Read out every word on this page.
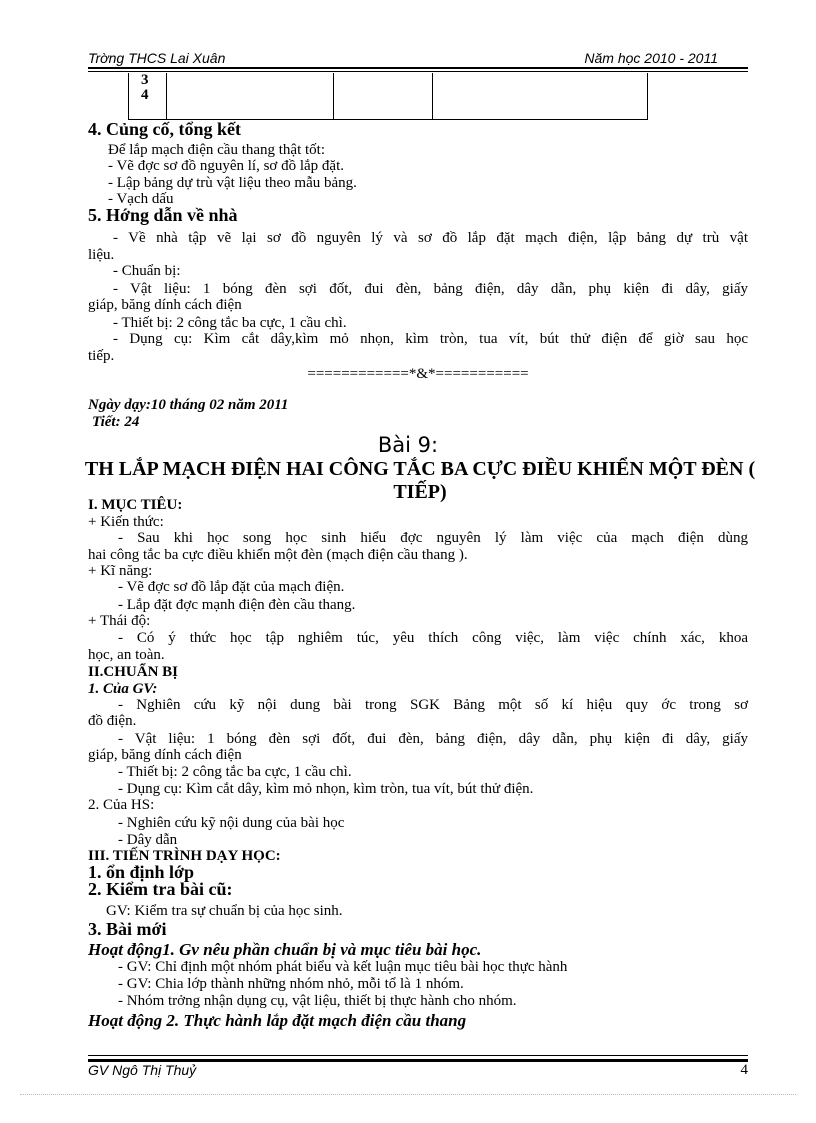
Trờng THCS Lai Xuân	Năm học 2010 - 2011
3
4
4. Củng cố, tổng kết
Để lắp mạch điện cầu thang thật tốt:
- Vẽ đợc sơ đồ nguyên lí, sơ đồ lắp đặt.
- Lập bảng dự trù vật liệu theo mẫu bảng.
- Vạch dấu
5. Hớng dẫn về nhà
- Về nhà tập vẽ lại sơ đồ nguyên lý và sơ đồ lắp đặt mạch điện, lập bảng dự trù vật
liệu.
- Chuẩn bị:
- Vật liệu: 1 bóng đèn sợi đốt, đui đèn, bảng điện, dây dẫn, phụ kiện đi dây, giấy
giáp, băng dính cách điện
- Thiết bị: 2 công tắc ba cực, 1 cầu chì.
- Dụng cụ: Kìm cắt dây,kìm mỏ nhọn, kìm tròn, tua vít, bút thử điện để giờ sau học
tiếp.
============*&*===========
Ngày dạy:10 tháng 02 năm 2011
Tiết: 24
I. MỤC TIÊU:
+ Kiến thức:
- Sau khi học song học sinh hiểu đợc nguyên lý làm việc của mạch điện dùng
hai công tắc ba cực điều khiển một đèn (mạch điện cầu thang ).
+ Kĩ năng:
- Vẽ đợc sơ đồ lắp đặt của mạch điện.
- Lắp đặt đợc mạnh điện đèn cầu thang.
+ Thái độ:
- Có ý thức học tập nghiêm túc, yêu thích công việc, làm việc chính xác, khoa
học, an toàn.
II.CHUẨN BỊ
1. Của GV:
- Nghiên cứu kỹ nội dung bài trong SGK Bảng một số kí hiệu quy ớc trong sơ
đồ điện.
- Vật liệu: 1 bóng đèn sợi đốt, đui đèn, bảng điện, dây dẫn, phụ kiện đi dây, giấy
giáp, băng dính cách điện
- Thiết bị: 2 công tắc ba cực, 1 cầu chì.
- Dụng cụ: Kìm cắt dây, kìm mỏ nhọn, kìm tròn, tua vít, bút thử điện.
2. Của HS:
- Nghiên cứu kỹ nội dung của bài học
- Dây dẫn
III. TIẾN TRÌNH DẠY HỌC:
1. ổn định lớp
2. Kiểm tra bài cũ:
GV: Kiểm tra sự chuẩn bị của học sinh.
3. Bài mới
Hoạt động1. Gv nêu phần chuẩn bị và mục tiêu bài học.
- GV: Chỉ định một nhóm phát biểu và kết luận mục tiêu bài học thực hành
- GV: Chia lớp thành những nhóm nhỏ, mỗi tổ là 1 nhóm.
- Nhóm trởng nhận dụng cụ, vật liệu, thiết bị thực hành cho nhóm.
Hoạt động 2. Thực hành lắp đặt mạch điện cầu thang
Bài 9:
TH LẮP MẠCH ĐIỆN HAI CÔNG TẮC BA CỰC ĐIỀU KHIỂN MỘT ĐÈN ( TIẾP)
GV Ngô Thị Thuỷ	4
